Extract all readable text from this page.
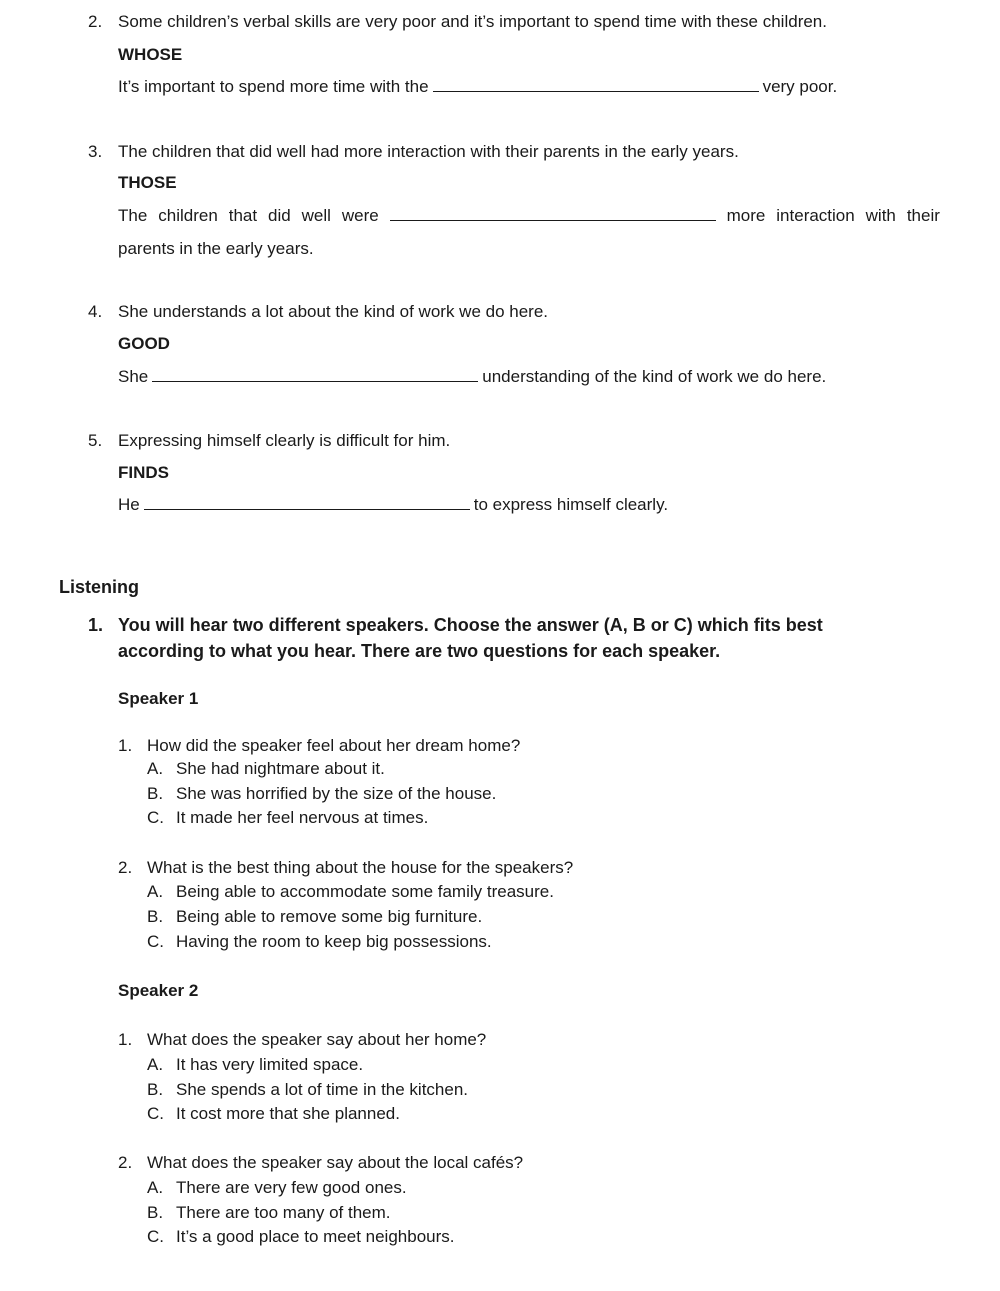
2. Some children’s verbal skills are very poor and it’s important to spend time with these children.
WHOSE
It’s important to spend more time with the	very poor.
3. The children that did well had more interaction with their parents in the early years.
THOSE
The children that did well were	more interaction with their
parents in the early years.
4. She understands a lot about the kind of work we do here.
GOOD
She	understanding of the kind of work we do here.
5. Expressing himself clearly is difficult for him.
FINDS
He	to express himself clearly.
Listening
1. You will hear two different speakers. Choose the answer (A, B or C) which fits best
according to what you hear. There are two questions for each speaker.
Speaker 1
1. How did the speaker feel about her dream home?
A. She had nightmare about it.
B. She was horrified by the size of the house.
C. It made her feel nervous at times.
2. What is the best thing about the house for the speakers?
A. Being able to accommodate some family treasure.
B. Being able to remove some big furniture.
C. Having the room to keep big possessions.
Speaker 2
1. What does the speaker say about her home?
A. It has very limited space.
B. She spends a lot of time in the kitchen.
C. It cost more that she planned.
2. What does the speaker say about the local cafés?
A. There are very few good ones.
B. There are too many of them.
C. It’s a good place to meet neighbours.
